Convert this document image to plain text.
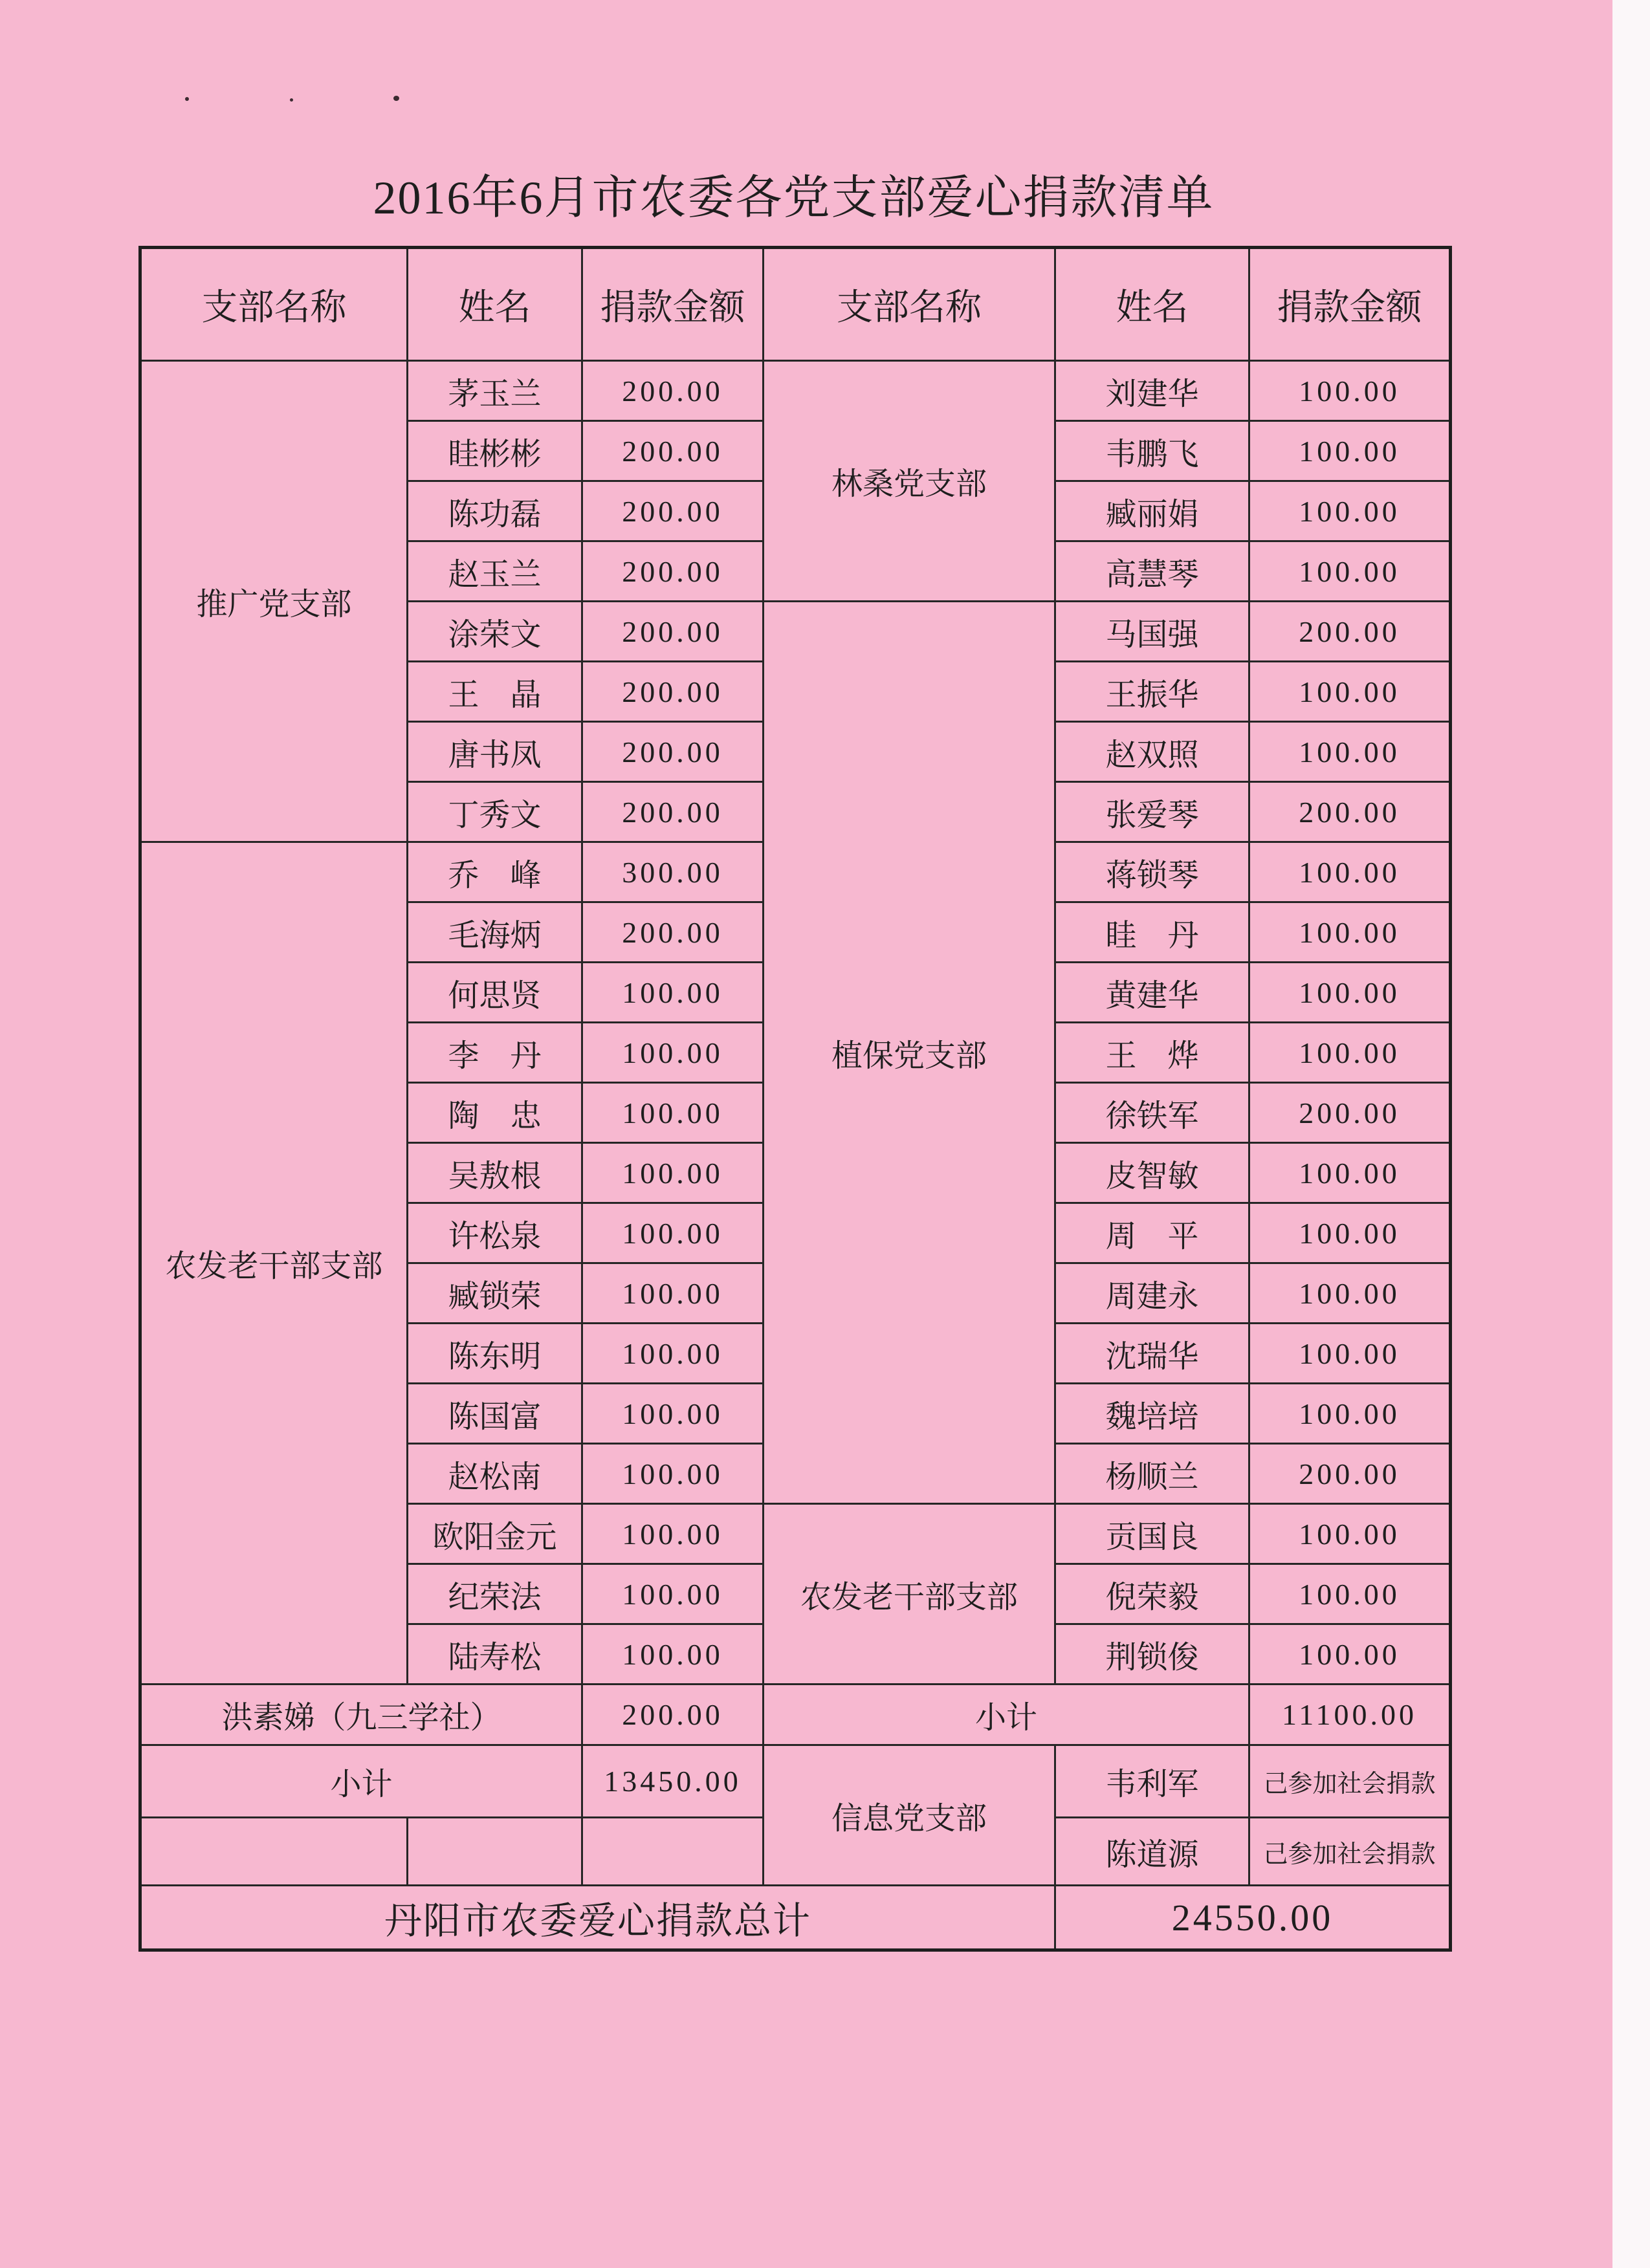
2016年6月市农委各党支部爱心捐款清单
支部名称	姓名	捐款金额	支部名称	姓名	捐款金额
推广党支部	茅玉兰	200.00	林桑党支部	刘建华	100.00
	眭彬彬	200.00		韦鹏飞	100.00
	陈功磊	200.00		臧丽娟	100.00
	赵玉兰	200.00		高慧琴	100.00
	涂荣文	200.00	植保党支部	马国强	200.00
	王　晶	200.00		王振华	100.00
	唐书凤	200.00		赵双照	100.00
	丁秀文	200.00		张爱琴	200.00
农发老干部支部	乔　峰	300.00		蒋锁琴	100.00
	毛海炳	200.00		眭　丹	100.00
	何思贤	100.00		黄建华	100.00
	李　丹	100.00		王　烨	100.00
	陶　忠	100.00		徐铁军	200.00
	吴敖根	100.00		皮智敏	100.00
	许松泉	100.00		周　平	100.00
	臧锁荣	100.00		周建永	100.00
	陈东明	100.00		沈瑞华	100.00
	陈国富	100.00		魏培培	100.00
	赵松南	100.00		杨顺兰	200.00
	欧阳金元	100.00	农发老干部支部	贡国良	100.00
	纪荣法	100.00		倪荣毅	100.00
	陆寿松	100.00		荆锁俊	100.00
洪素娣（九三学社）		200.00	小计		11100.00
小计		13450.00	信息党支部	韦利军	己参加社会捐款
				陈道源	己参加社会捐款
丹阳市农委爱心捐款总计				24550.00	
